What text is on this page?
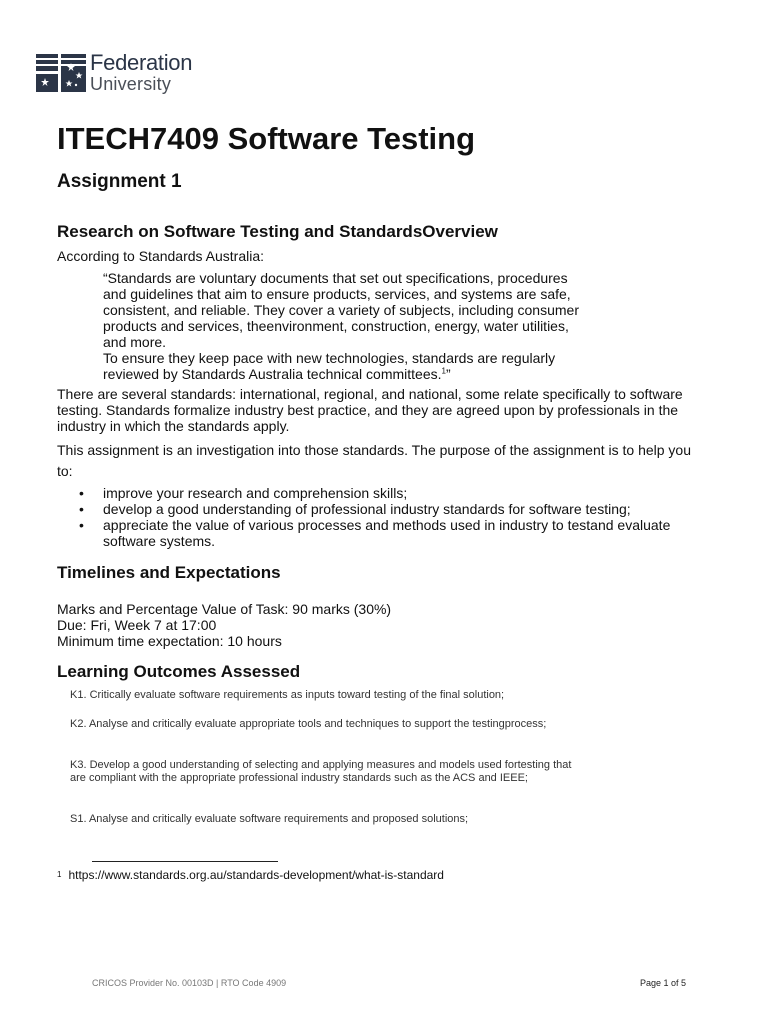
Federation
University
ITECH7409 Software Testing
Assignment 1
Research on Software Testing and StandardsOverview
According to Standards Australia:
“Standards are voluntary documents that set out specifications, procedures
and guidelines that aim to ensure products, services, and systems are safe,
consistent, and reliable. They cover a variety of subjects, including consumer
products and services, theenvironment, construction, energy, water utilities,
and more.
To ensure they keep pace with new technologies, standards are regularly
reviewed by Standards Australia technical committees.$^1$”
There are several standards: international, regional, and national, some relate specifically to software
testing. Standards formalize industry best practice, and they are agreed upon by professionals in the
industry in which the standards apply.
This assignment is an investigation into those standards. The purpose of the assignment is to help you
to:
• improve your research and comprehension skills;
• develop a good understanding of professional industry standards for software testing;
• appreciate the value of various processes and methods used in industry to testand evaluate
software systems.
Timelines and Expectations
Marks and Percentage Value of Task: 90 marks (30%)
Due: Fri, Week 7 at 17:00
Minimum time expectation: 10 hours
Learning Outcomes Assessed
K1. Critically evaluate software requirements as inputs toward testing of the final solution;
K2. Analyse and critically evaluate appropriate tools and techniques to support the testingprocess;
K3. Develop a good understanding of selecting and applying measures and models used fortesting that
are compliant with the appropriate professional industry standards such as the ACS and IEEE;
S1. Analyse and critically evaluate software requirements and proposed solutions;
$^1$ https://www.standards.org.au/standards-development/what-is-standard
CRICOS Provider No. 00103D | RTO Code 4909	Page 1 of 5
